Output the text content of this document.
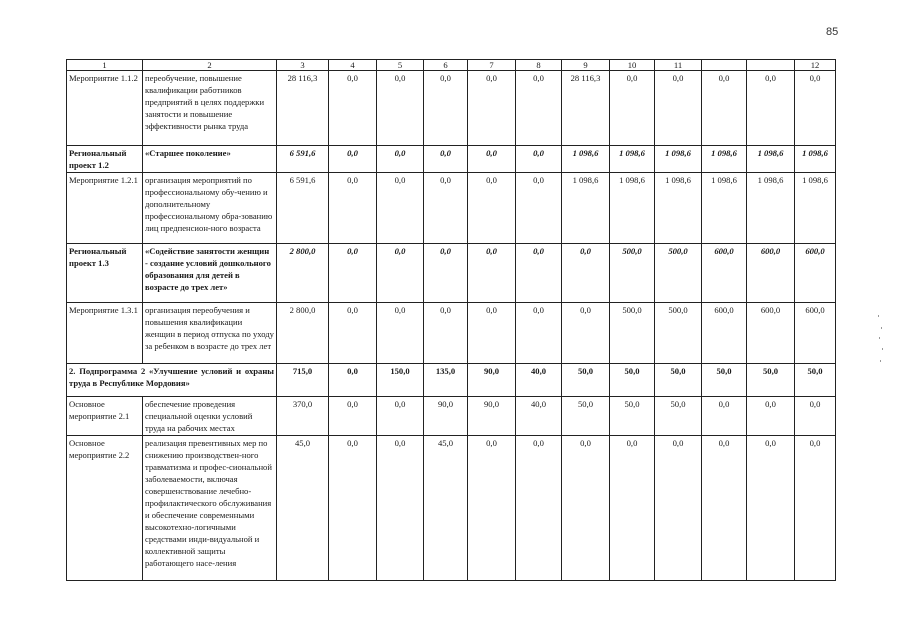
85
1	2	3	4	5	6	7	8	9	10	11			12
Мероприятие 1.1.2	переобучение, повышение квалификации работников предприятий в целях поддержки занятости и повышение эффективности рынка труда	28 116,3	0,0	0,0	0,0	0,0	0,0	28 116,3	0,0	0,0	0,0	0,0	0,0
Региональный проект 1.2	«Старшее поколение»	6 591,6	0,0	0,0	0,0	0,0	0,0	1 098,6	1 098,6	1 098,6	1 098,6	1 098,6	1 098,6
Мероприятие 1.2.1	организация мероприятий по профессиональному обу-чению и дополнительному профессиональному обра-зованию лиц предпенсион-ного возраста	6 591,6	0,0	0,0	0,0	0,0	0,0	1 098,6	1 098,6	1 098,6	1 098,6	1 098,6	1 098,6
Региональный проект 1.3	«Содействие занятости женщин - создание условий дошкольного образования для детей в возрасте до трех лет»	2 800,0	0,0	0,0	0,0	0,0	0,0	0,0	500,0	500,0	600,0	600,0	600,0
Мероприятие 1.3.1	организация переобучения и повышения квалификации женщин в период отпуска по уходу за ребенком в возрасте до трех лет	2 800,0	0,0	0,0	0,0	0,0	0,0	0,0	500,0	500,0	600,0	600,0	600,0
2. Подпрограмма 2 «Улучшение условий и охраны труда в Республике Мордовия»		715,0	0,0	150,0	135,0	90,0	40,0	50,0	50,0	50,0	50,0	50,0	50,0
Основное мероприятие 2.1	обеспечение проведения специальной оценки условий труда на рабочих местах	370,0	0,0	0,0	90,0	90,0	40,0	50,0	50,0	50,0	0,0	0,0	0,0
Основное мероприятие 2.2	реализация превентивных мер по снижению производствен-ного травматизма и профес-сиональной заболеваемости, включая совершенствование лечебно-профилактического обслуживания и обеспечение современными высокотехно-логичными средствами инди-видуальной и коллективной защиты работающего насе-ления	45,0	0,0	0,0	45,0	0,0	0,0	0,0	0,0	0,0	0,0	0,0	0,0
